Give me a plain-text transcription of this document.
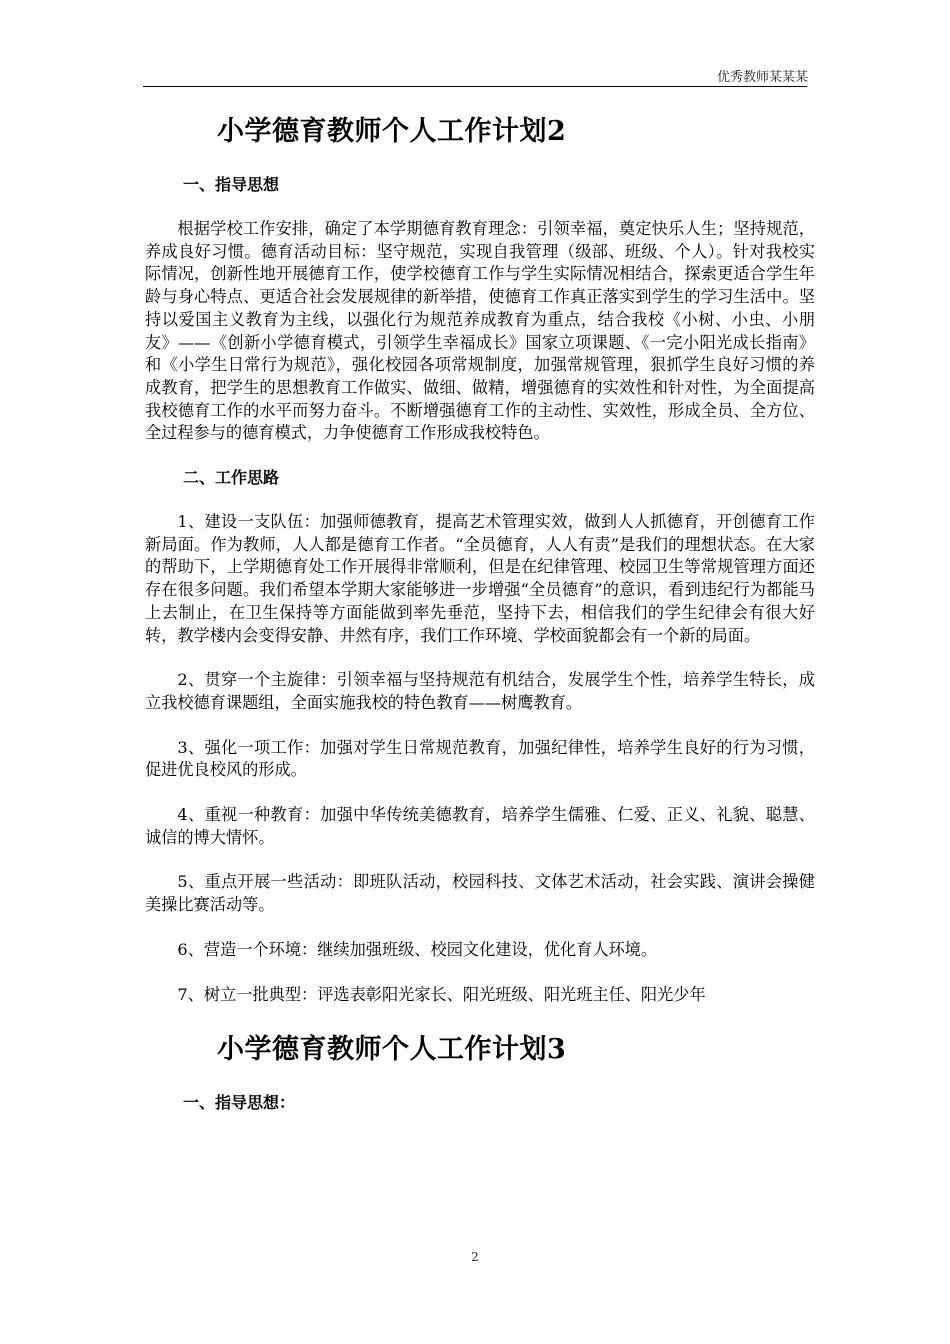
优秀教师某某某
小学德育教师个人工作计划2
一、指导思想

根据学校工作安排，确定了本学期德育教育理念：引领幸福，奠定快乐人生；坚持规范，养成良好习惯。德育活动目标：坚守规范，实现自我管理（级部、班级、个人）。针对我校实际情况，创新性地开展德育工作，使学校德育工作与学生实际情况相结合，探索更适合学生年龄与身心特点、更适合社会发展规律的新举措，使德育工作真正落实到学生的学习生活中。坚持以爱国主义教育为主线，以强化行为规范养成教育为重点，结合我校《小树、小虫、小朋友》——《创新小学德育模式，引领学生幸福成长》国家立项课题、《一完小阳光成长指南》和《小学生日常行为规范》，强化校园各项常规制度，加强常规管理，狠抓学生良好习惯的养成教育，把学生的思想教育工作做实、做细、做精，增强德育的实效性和针对性，为全面提高我校德育工作的水平而努力奋斗。不断增强德育工作的主动性、实效性，形成全员、全方位、全过程参与的德育模式，力争使德育工作形成我校特色。

二、工作思路

1、建设一支队伍：加强师德教育，提高艺术管理实效，做到人人抓德育，开创德育工作新局面。作为教师，人人都是德育工作者。“全员德育，人人有责”是我们的理想状态。在大家的帮助下，上学期德育处工作开展得非常顺利，但是在纪律管理、校园卫生等常规管理方面还存在很多问题。我们希望本学期大家能够进一步增强“全员德育”的意识，看到违纪行为都能马上去制止，在卫生保持等方面能做到率先垂范，坚持下去，相信我们的学生纪律会有很大好转，教学楼内会变得安静、井然有序，我们工作环境、学校面貌都会有一个新的局面。

2、贯穿一个主旋律：引领幸福与坚持规范有机结合，发展学生个性，培养学生特长，成立我校德育课题组，全面实施我校的特色教育——树鹰教育。

3、强化一项工作：加强对学生日常规范教育，加强纪律性，培养学生良好的行为习惯，促进优良校风的形成。

4、重视一种教育：加强中华传统美德教育，培养学生儒雅、仁爱、正义、礼貌、聪慧、诚信的博大情怀。

5、重点开展一些活动：即班队活动，校园科技、文体艺术活动，社会实践、演讲会操健美操比赛活动等。

6、营造一个环境：继续加强班级、校园文化建设，优化育人环境。

7、树立一批典型：评选表彰阳光家长、阳光班级、阳光班主任、阳光少年

小学德育教师个人工作计划3
一、指导思想：
2
